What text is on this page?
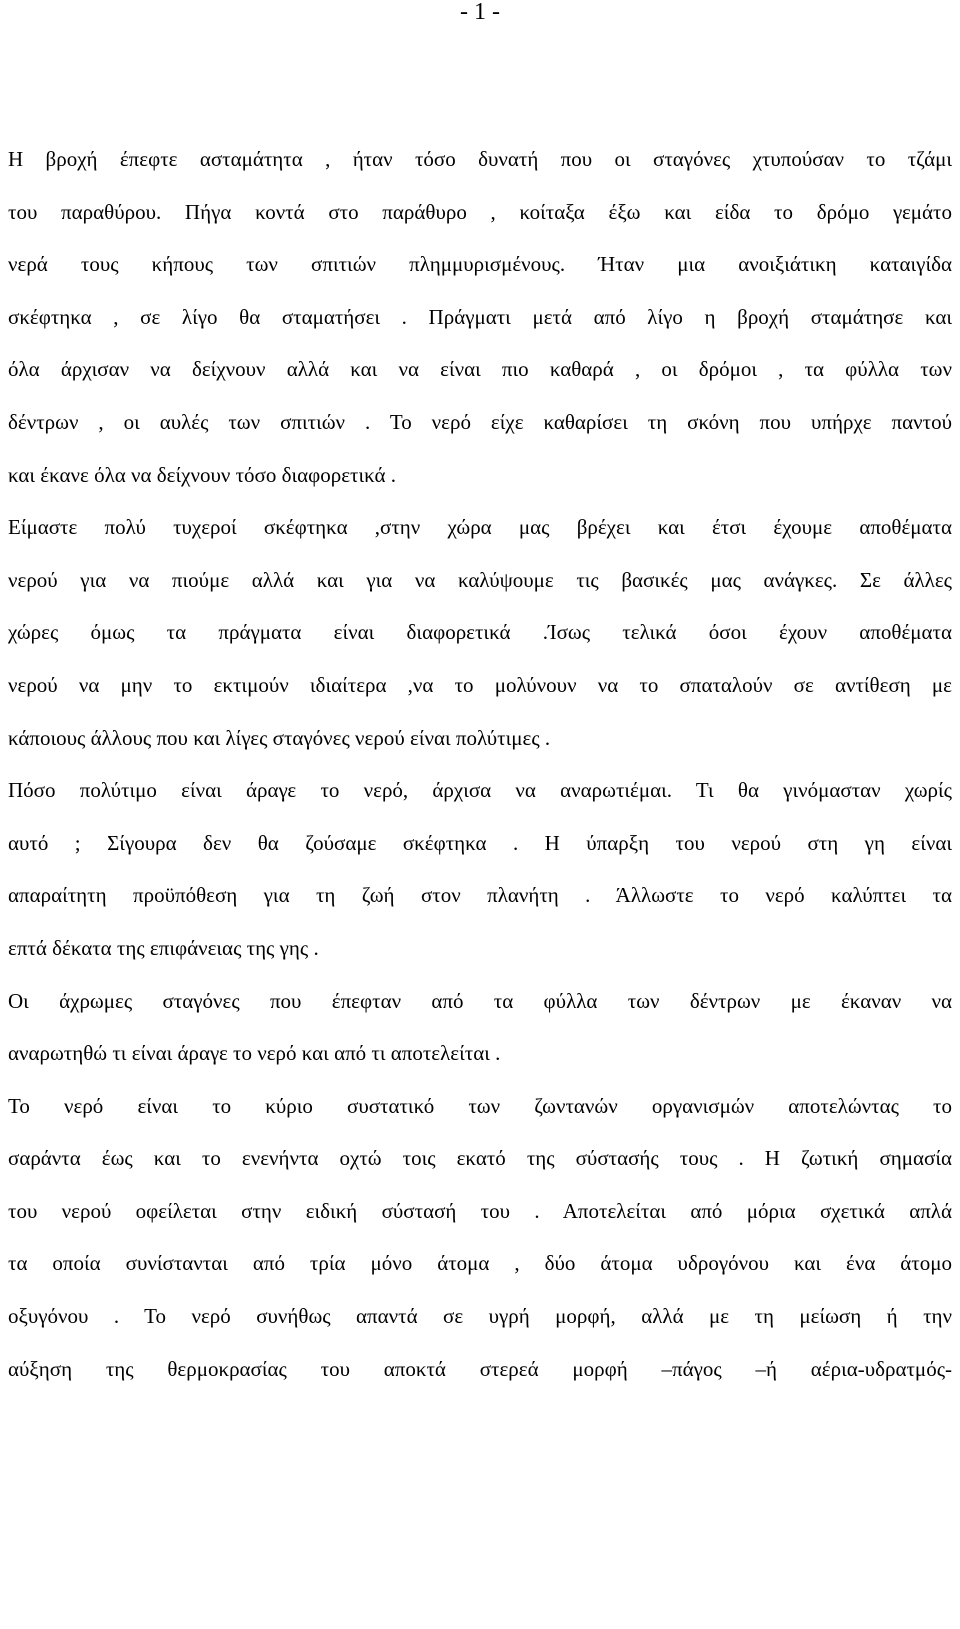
- 1 -
Η βροχή έπεφτε ασταμάτητα , ήταν τόσο δυνατή που οι σταγόνες χτυπούσαν το τζάμι
του παραθύρου. Πήγα κοντά στο παράθυρο , κοίταξα έξω και είδα το δρόμο γεμάτο
νερά τους κήπους των σπιτιών πλημμυρισμένους. Ήταν μια ανοιξιάτικη καταιγίδα
σκέφτηκα , σε λίγο θα σταματήσει . Πράγματι μετά από λίγο η βροχή σταμάτησε και
όλα άρχισαν να δείχνουν αλλά και να είναι πιο καθαρά , οι δρόμοι , τα φύλλα των
δέντρων , οι αυλές των σπιτιών . Το νερό είχε καθαρίσει τη σκόνη που υπήρχε παντού
και έκανε όλα να δείχνουν τόσο διαφορετικά .
Είμαστε πολύ τυχεροί σκέφτηκα ,στην χώρα μας βρέχει και έτσι έχουμε αποθέματα
νερού για να πιούμε αλλά και για να καλύψουμε τις βασικές μας ανάγκες. Σε άλλες
χώρες όμως τα πράγματα είναι διαφορετικά .Ίσως τελικά όσοι έχουν αποθέματα
νερού να μην το εκτιμούν ιδιαίτερα ,να το μολύνουν να το σπαταλούν σε αντίθεση με
κάποιους άλλους που και λίγες σταγόνες νερού είναι πολύτιμες .
Πόσο πολύτιμο είναι άραγε το νερό, άρχισα να αναρωτιέμαι. Τι θα γινόμασταν χωρίς
αυτό ; Σίγουρα δεν θα ζούσαμε σκέφτηκα . Η ύπαρξη του νερού στη γη είναι
απαραίτητη προϋπόθεση για τη ζωή στον πλανήτη . Άλλωστε το νερό καλύπτει τα
επτά δέκατα της επιφάνειας της γης .
Οι άχρωμες σταγόνες που έπεφταν από τα φύλλα των δέντρων με έκαναν να
αναρωτηθώ τι είναι άραγε το νερό και από τι αποτελείται .
Το νερό είναι το κύριο συστατικό των ζωντανών οργανισμών αποτελώντας το
σαράντα έως και το ενενήντα οχτώ τοις εκατό της σύστασής τους . Η ζωτική σημασία
του νερού οφείλεται στην ειδική σύστασή του . Αποτελείται από μόρια σχετικά απλά
τα οποία συνίστανται από τρία μόνο άτομα , δύο άτομα υδρογόνου και ένα άτομο
οξυγόνου . Το νερό συνήθως απαντά σε υγρή μορφή, αλλά με τη μείωση ή την
αύξηση της θερμοκρασίας του αποκτά στερεά μορφή –πάγος –ή αέρια-υδρατμός-
